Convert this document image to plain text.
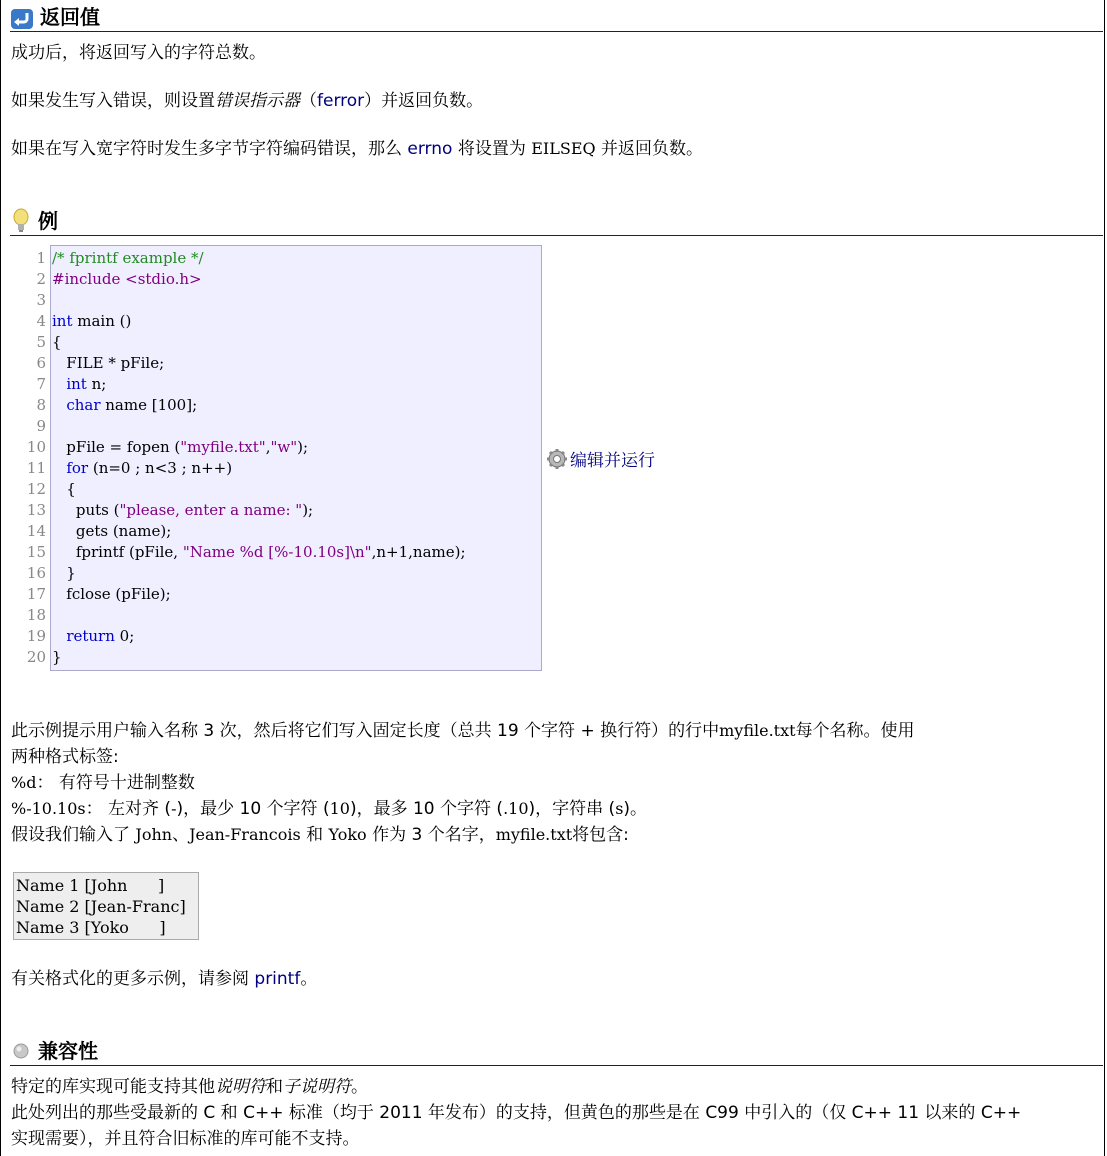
返回值
成功后，将返回写入的字符总数。
如果发生写入错误，则设置错误指示器（ferror）并返回负数。
如果在写入宽字符时发生多字节字符编码错误，那么 errno 将设置为 EILSEQ 并返回负数。
例
1
2
3
4
5
6
7
8
9
10
11
12
13
14
15
16
17
18
19
20
/* fprintf example */
#include <stdio.h>

int main ()
{
FILE * pFile;
int n;
char name [100];

pFile = fopen ("myfile.txt","w");
for (n=0 ; n<3 ; n++)
{
puts ("please, enter a name: ");
gets (name);
fprintf (pFile, "Name %d [%-10.10s]\n",n+1,name);
}
fclose (pFile);

return 0;
}
编辑并运行
此示例提示用户输入名称 3 次，然后将它们写入固定长度（总共 19 个字符 + 换行符）的行中myfile.txt每个名称。使用
两种格式标签:
%d： 有符号十进制整数
%-10.10s： 左对齐 (-)，最少 10 个字符 (10)，最多 10 个字符 (.10)，字符串 (s)。
假设我们输入了 John、Jean-Francois 和 Yoko 作为 3 个名字，myfile.txt将包含:
Name 1 [John      ]
Name 2 [Jean-Franc]
Name 3 [Yoko      ]
有关格式化的更多示例，请参阅 printf。
兼容性
特定的库实现可能支持其他说明符和子说明符。
此处列出的那些受最新的 C 和 C++ 标准（均于 2011 年发布）的支持，但黄色的那些是在 C99 中引入的（仅 C++ 11 以来的 C++
实现需要），并且符合旧标准的库可能不支持。
